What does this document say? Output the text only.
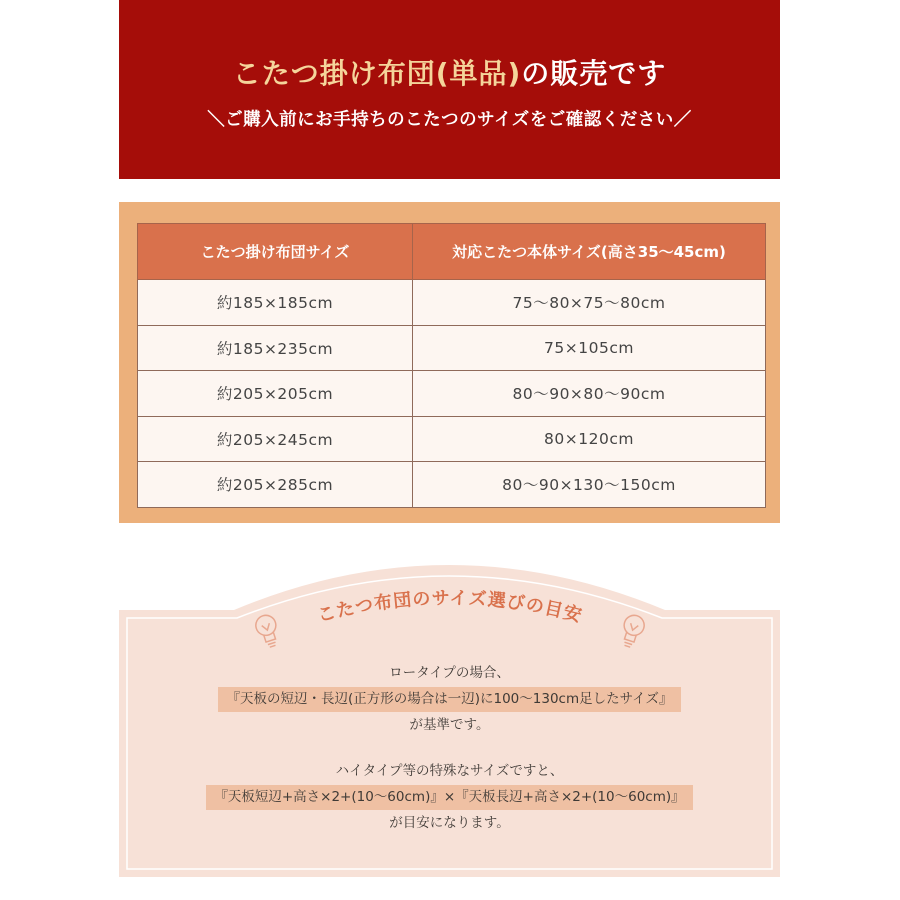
こたつ掛け布団(単品)の販売です
＼ご購入前にお手持ちのこたつのサイズをご確認ください／
こたつ掛け布団サイズ	対応こたつ本体サイズ(高さ35～45cm)
約185×185cm	75～80×75～80cm
約185×235cm	75×105cm
約205×205cm	80～90×80～90cm
約205×245cm	80×120cm
約205×285cm	80～90×130～150cm
こたつ布団のサイズ選びの目安
ロータイプの場合、
『天板の短辺・長辺(正方形の場合は一辺)に100～130cm足したサイズ』
が基準です。
ハイタイプ等の特殊なサイズですと、
『天板短辺+高さ×2+(10～60cm)』×『天板長辺+高さ×2+(10～60cm)』
が目安になります。
